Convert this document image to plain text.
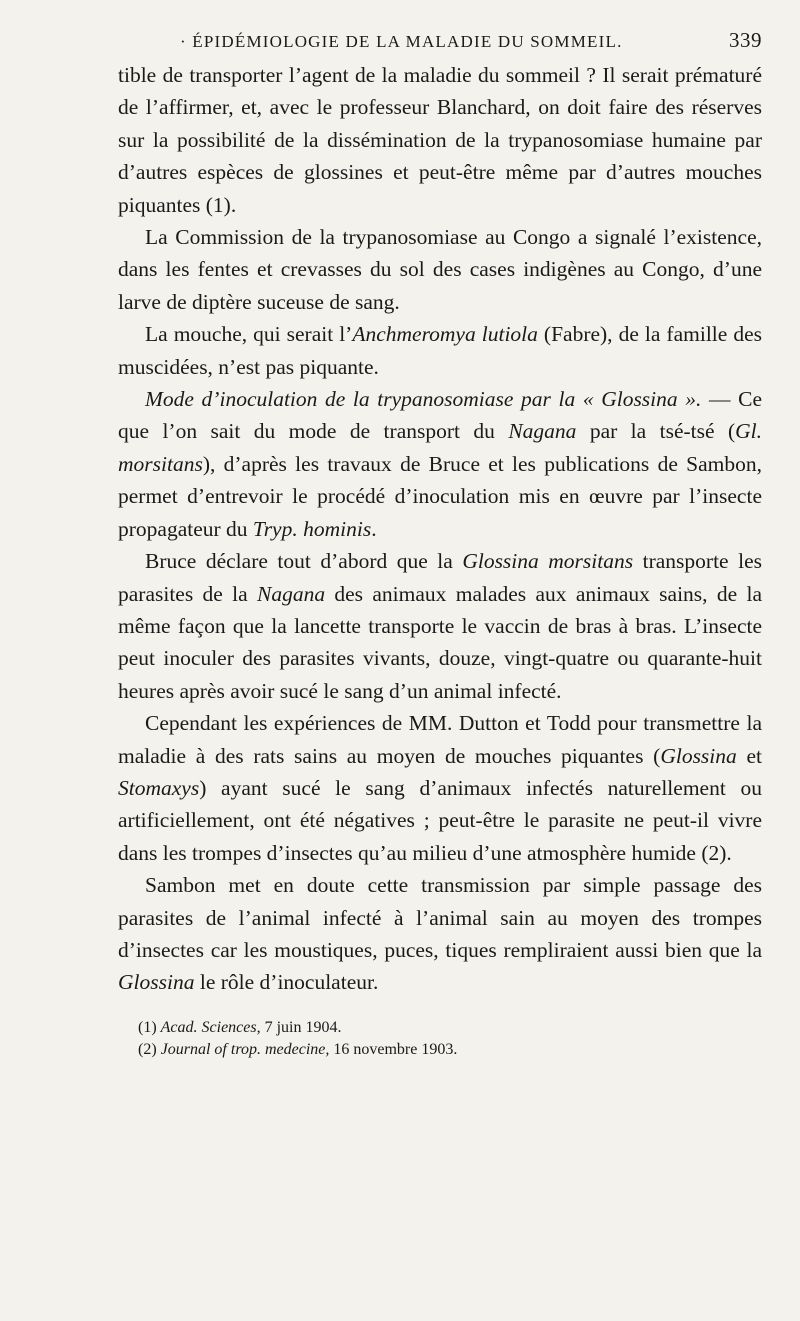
· ÉPIDÉMIOLOGIE DE LA MALADIE DU SOMMEIL.	339

tible de transporter l’agent de la maladie du sommeil ? Il serait prématuré de l’affirmer, et, avec le professeur Blanchard, on doit faire des réserves sur la possibilité de la dissémination de la trypanosomiase humaine par d’autres espèces de glossines et peut-être même par d’autres mouches piquantes (1).

La Commission de la trypanosomiase au Congo a signalé l’existence, dans les fentes et crevasses du sol des cases indigènes au Congo, d’une larve de diptère suceuse de sang.

La mouche, qui serait l’Anchmeromya lutiola (Fabre), de la famille des muscidées, n’est pas piquante.

Mode d’inoculation de la trypanosomiase par la « Glossina ». — Ce que l’on sait du mode de transport du Nagana par la tsé-tsé (Gl. morsitans), d’après les travaux de Bruce et les publications de Sambon, permet d’entrevoir le procédé d’inoculation mis en œuvre par l’insecte propagateur du Tryp. hominis.

Bruce déclare tout d’abord que la Glossina morsitans transporte les parasites de la Nagana des animaux malades aux animaux sains, de la même façon que la lancette transporte le vaccin de bras à bras. L’insecte peut inoculer des parasites vivants, douze, vingt-quatre ou quarante-huit heures après avoir sucé le sang d’un animal infecté.

Cependant les expériences de MM. Dutton et Todd pour transmettre la maladie à des rats sains au moyen de mouches piquantes (Glossina et Stomaxys) ayant sucé le sang d’animaux infectés naturellement ou artificiellement, ont été négatives ; peut-être le parasite ne peut-il vivre dans les trompes d’insectes qu’au milieu d’une atmosphère humide (2).

Sambon met en doute cette transmission par simple passage des parasites de l’animal infecté à l’animal sain au moyen des trompes d’insectes car les moustiques, puces, tiques rempliraient aussi bien que la Glossina le rôle d’inoculateur.

(1) Acad. Sciences, 7 juin 1904.
(2) Journal of trop. medecine, 16 novembre 1903.
